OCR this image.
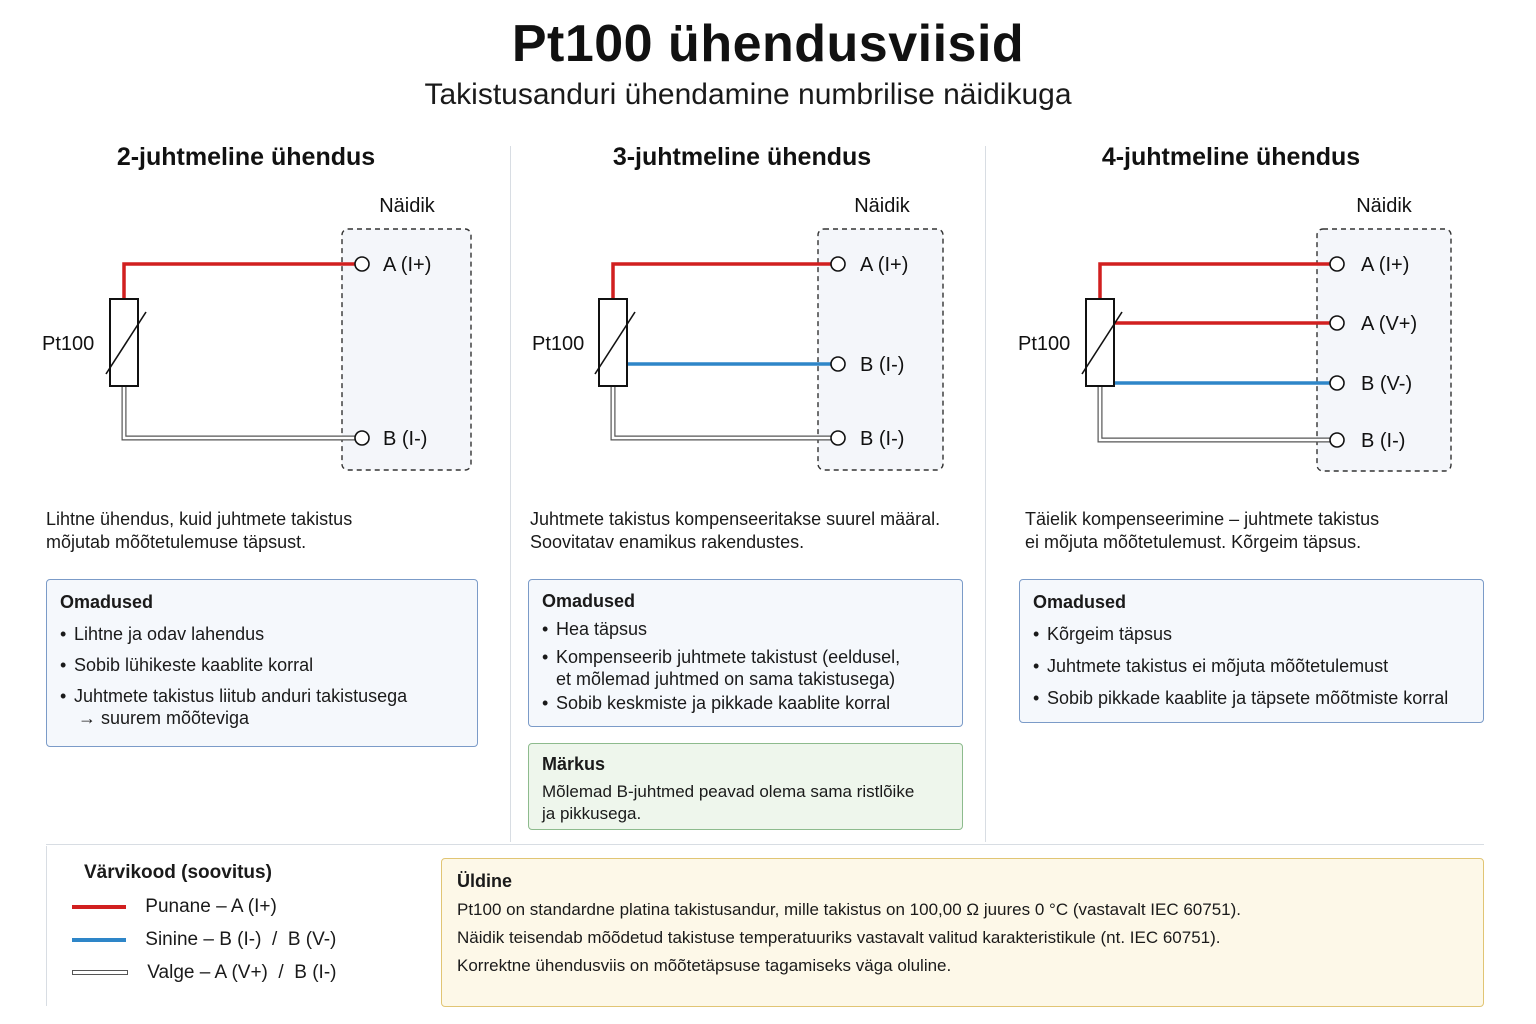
Pt100 ühendusviisid
Takistusanduri ühendamine numbrilise näidikuga
2-juhtmeline ühendus	3-juhtmeline ühendus	4-juhtmeline ühendus
Näidik
Pt100
A (I+)
B (I-)
Näidik
Pt100
A (I+)
B (I-)
B (I-)
Näidik
Pt100
A (I+)
A (V+)
B (V-)
B (I-)
Lihtne ühendus, kuid juhtmete takistus
mõjutab mõõtetulemuse täpsust.
Juhtmete takistus kompenseeritakse suurel määral.
Soovitatav enamikus rakendustes.
Täielik kompenseerimine – juhtmete takistus
ei mõjuta mõõtetulemust. Kõrgeim täpsus.
Omadused
• Lihtne ja odav lahendus
• Sobib lühikeste kaablite korral
• Juhtmete takistus liitub anduri takistusega
→ suurem mõõteviga
Omadused
• Hea täpsus
• Kompenseerib juhtmete takistust (eeldusel,
et mõlemad juhtmed on sama takistusega)
• Sobib keskmiste ja pikkade kaablite korral
Märkus
Mõlemad B-juhtmed peavad olema sama ristlõike
ja pikkusega.
Omadused
• Kõrgeim täpsus
• Juhtmete takistus ei mõjuta mõõtetulemust
• Sobib pikkade kaablite ja täpsete mõõtmiste korral
Värvikood (soovitus)
Punane – A (I+)
Sinine – B (I-)  /  B (V-)
Valge – A (V+)  /  B (I-)
Üldine

Pt100 on standardne platina takistusandur, mille takistus on 100,00 Ω juures 0 °C (vastavalt IEC 60751).

Näidik teisendab mõõdetud takistuse temperatuuriks vastavalt valitud karakteristikule (nt. IEC 60751).

Korrektne ühendusviis on mõõtetäpsuse tagamiseks väga oluline.
